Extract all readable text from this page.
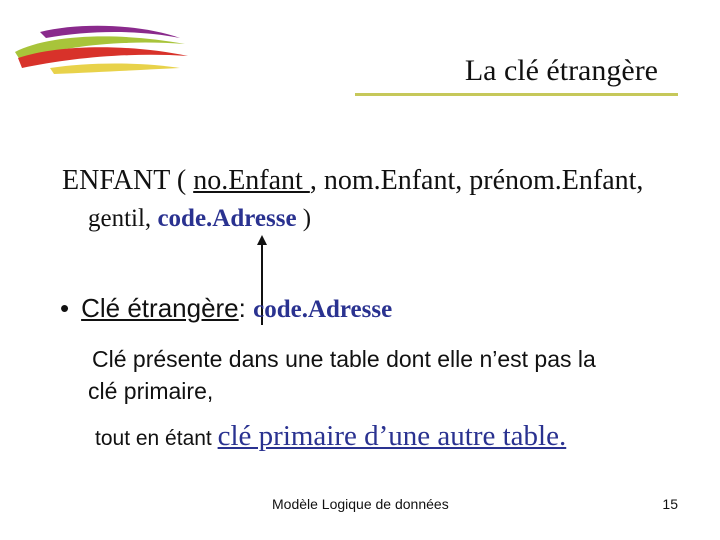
La clé étrangère
ENFANT ( no.Enfant , nom.Enfant, prénom.Enfant,
gentil, code.Adresse )
• Clé étrangère: code.Adresse
Clé présente dans une table dont elle n’est pas la
clé primaire,
tout en étant clé primaire d’une autre table.
Modèle Logique de données	15
